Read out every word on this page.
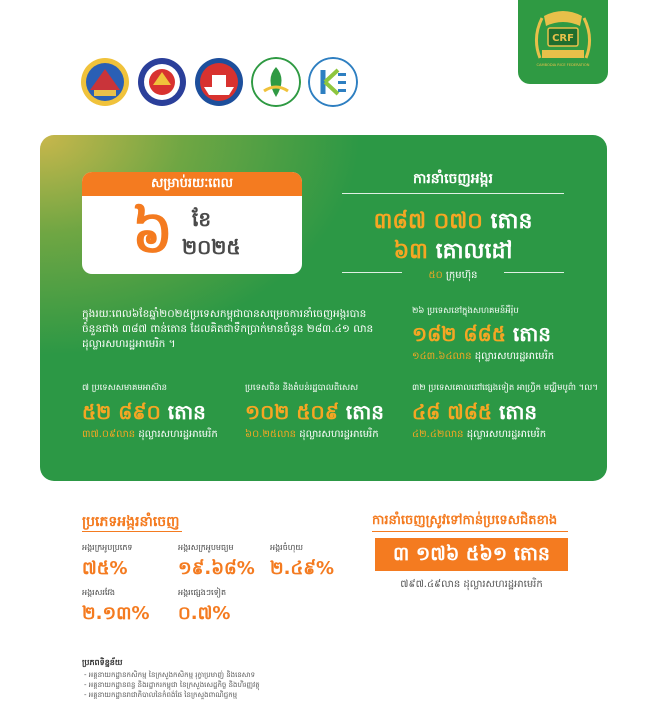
CRF
CAMBODIA RICE FEDERATION
សម្រាប់រយៈពេល
៦ ខែ
២០២៥
ការនាំចេញអង្ករ
៣៨៧ ០៧០ តោន
៦៣ គោលដៅ
៥០ ក្រុមហ៊ុន
ក្នុងរយៈពេល៦ខែឆ្នាំ២០២៥ប្រទេសកម្ពុជាបានសម្រេចការនាំចេញអង្ករបានចំនួនជាង ៣៨៧ ពាន់តោន ដែលគិតជាទឹកប្រាក់មានចំនួន ២៨៣.៤១ លានដុល្លារសហរដ្ឋអាមេរិក ។
២៦ ប្រទេសនៅក្នុងសហគមន៍អឺរ៉ុប
១៨២ ៨៨៥ តោន
១៤៣.៦៤លាន ដុល្លារសហរដ្ឋអាមេរិក
៧ ប្រទេសសមាគមអាស៊ាន
៥២ ៨៩០ តោន
៣៧.០៩លាន ដុល្លារសហរដ្ឋអាមេរិក
ប្រទេសចិន និងតំបន់រដ្ឋបាលពិសេស
១០២ ៥០៩ តោន
៦០.២៥លាន ដុល្លារសហរដ្ឋអាមេរិក
៣២ ប្រទេសគោលដៅផ្សេងទៀត អាហ្វ្រិក មជ្ឈិមបូព៌ា ។ល។
៤៨ ៧៨៥ តោន
៤២.៤២លាន ដុល្លារសហរដ្ឋអាមេរិក
ប្រភេទអង្ករនាំចេញ
អង្ករក្រអូបប្រភេទ
៧៥%
អង្ករសក្រអូបមធ្យម
១៩.៦៨%
អង្ករចំហុយ
២.៤៩%
អង្ករសរវែង
២.១៣%
អង្ករផ្សេងៗទៀត
០.៧%
ការនាំចេញស្រូវទៅកាន់ប្រទេសជិតខាង
៣ ១៧៦ ៥៦១ តោន
៧៩៧.៤៩លាន ដុល្លារសហរដ្ឋអាមេរិក
ប្រភពទិន្នន័យ
- អគ្គនាយកដ្ឋានកសិកម្ម នៃក្រសួងកសិកម្ម រុក្ខាប្រមាញ់ និងនេសាទ
- អគ្គនាយកដ្ឋានពន្ធ និងរដ្ឋាករកម្ពុជា នៃក្រសួងសេដ្ឋកិច្ច និងហិរញ្ញវត្ថុ
- អគ្គនាយកដ្ឋានរាជាភិបាលនៃកំពង់ផែ នៃក្រសួងពាណិជ្ជកម្ម
